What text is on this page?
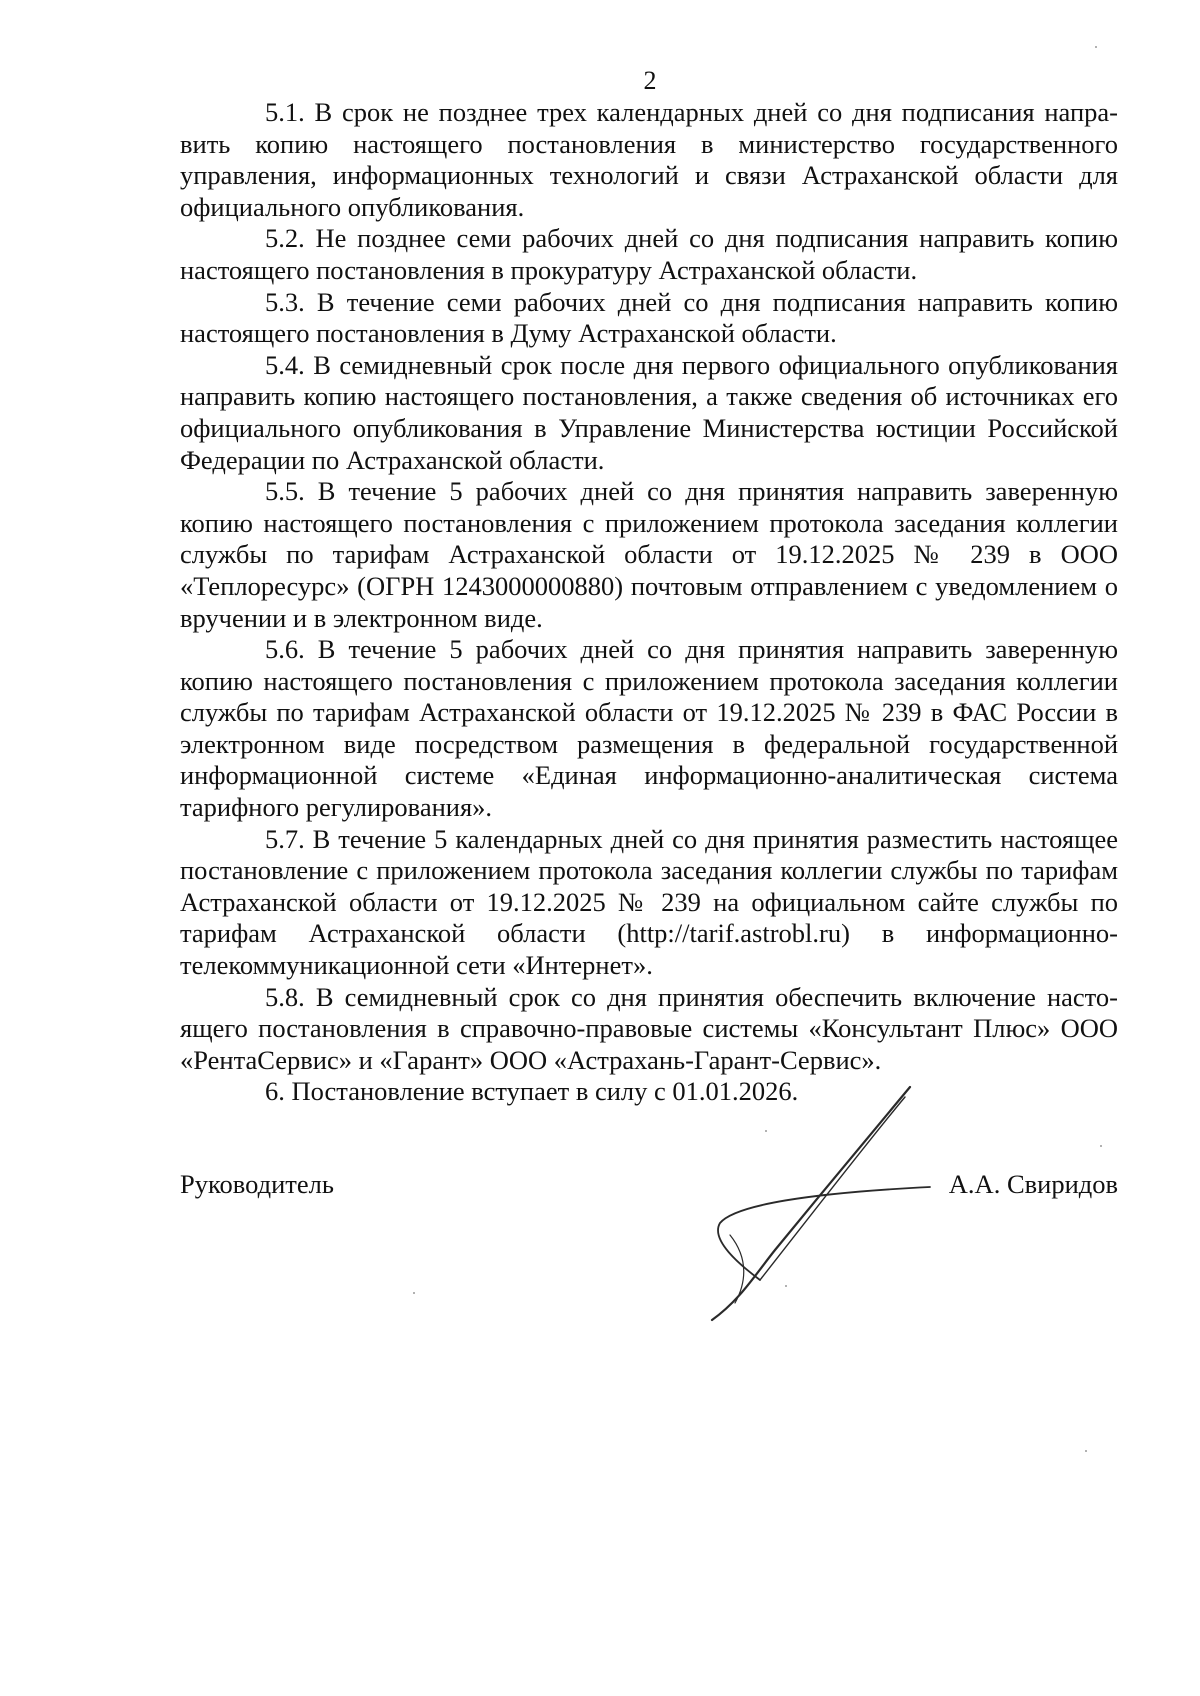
2

5.1. В срок не позднее трех календарных дней со дня подписания направить копию настоящего постановления в министерство государственного управления, информационных технологий и связи Астраханской области для официального опубликования.

5.2. Не позднее семи рабочих дней со дня подписания направить копию настоящего постановления в прокуратуру Астраханской области.

5.3. В течение семи рабочих дней со дня подписания направить копию настоящего постановления в Думу Астраханской области.

5.4. В семидневный срок после дня первого официального опубликования направить копию настоящего постановления, а также сведения об источниках его официального опубликования в Управление Министерства юстиции Российской Федерации по Астраханской области.

5.5. В течение 5 рабочих дней со дня принятия направить заверенную копию настоящего постановления с приложением протокола заседания коллегии службы по тарифам Астраханской области от 19.12.2025 № 239 в ООО «Теплоресурс» (ОГРН 1243000000880) почтовым отправлением с уведомлением о вручении и в электронном виде.

5.6. В течение 5 рабочих дней со дня принятия направить заверенную копию настоящего постановления с приложением протокола заседания коллегии службы по тарифам Астраханской области от 19.12.2025 № 239 в ФАС России в электронном виде посредством размещения в федеральной государственной информационной системе «Единая информационно-аналитическая система тарифного регулирования».

5.7. В течение 5 календарных дней со дня принятия разместить настоящее постановление с приложением протокола заседания коллегии службы по тарифам Астраханской области от 19.12.2025 № 239 на официальном сайте службы по тарифам Астраханской области (http://tarif.astrobl.ru) в информационно-телекоммуникационной сети «Интернет».

5.8. В семидневный срок со дня принятия обеспечить включение настоящего постановления в справочно-правовые системы «Консультант Плюс» ООО «РентаСервис» и «Гарант» ООО «Астрахань-Гарант-Сервис».

6. Постановление вступает в силу с 01.01.2026.

Руководитель	А.А. Свиридов
